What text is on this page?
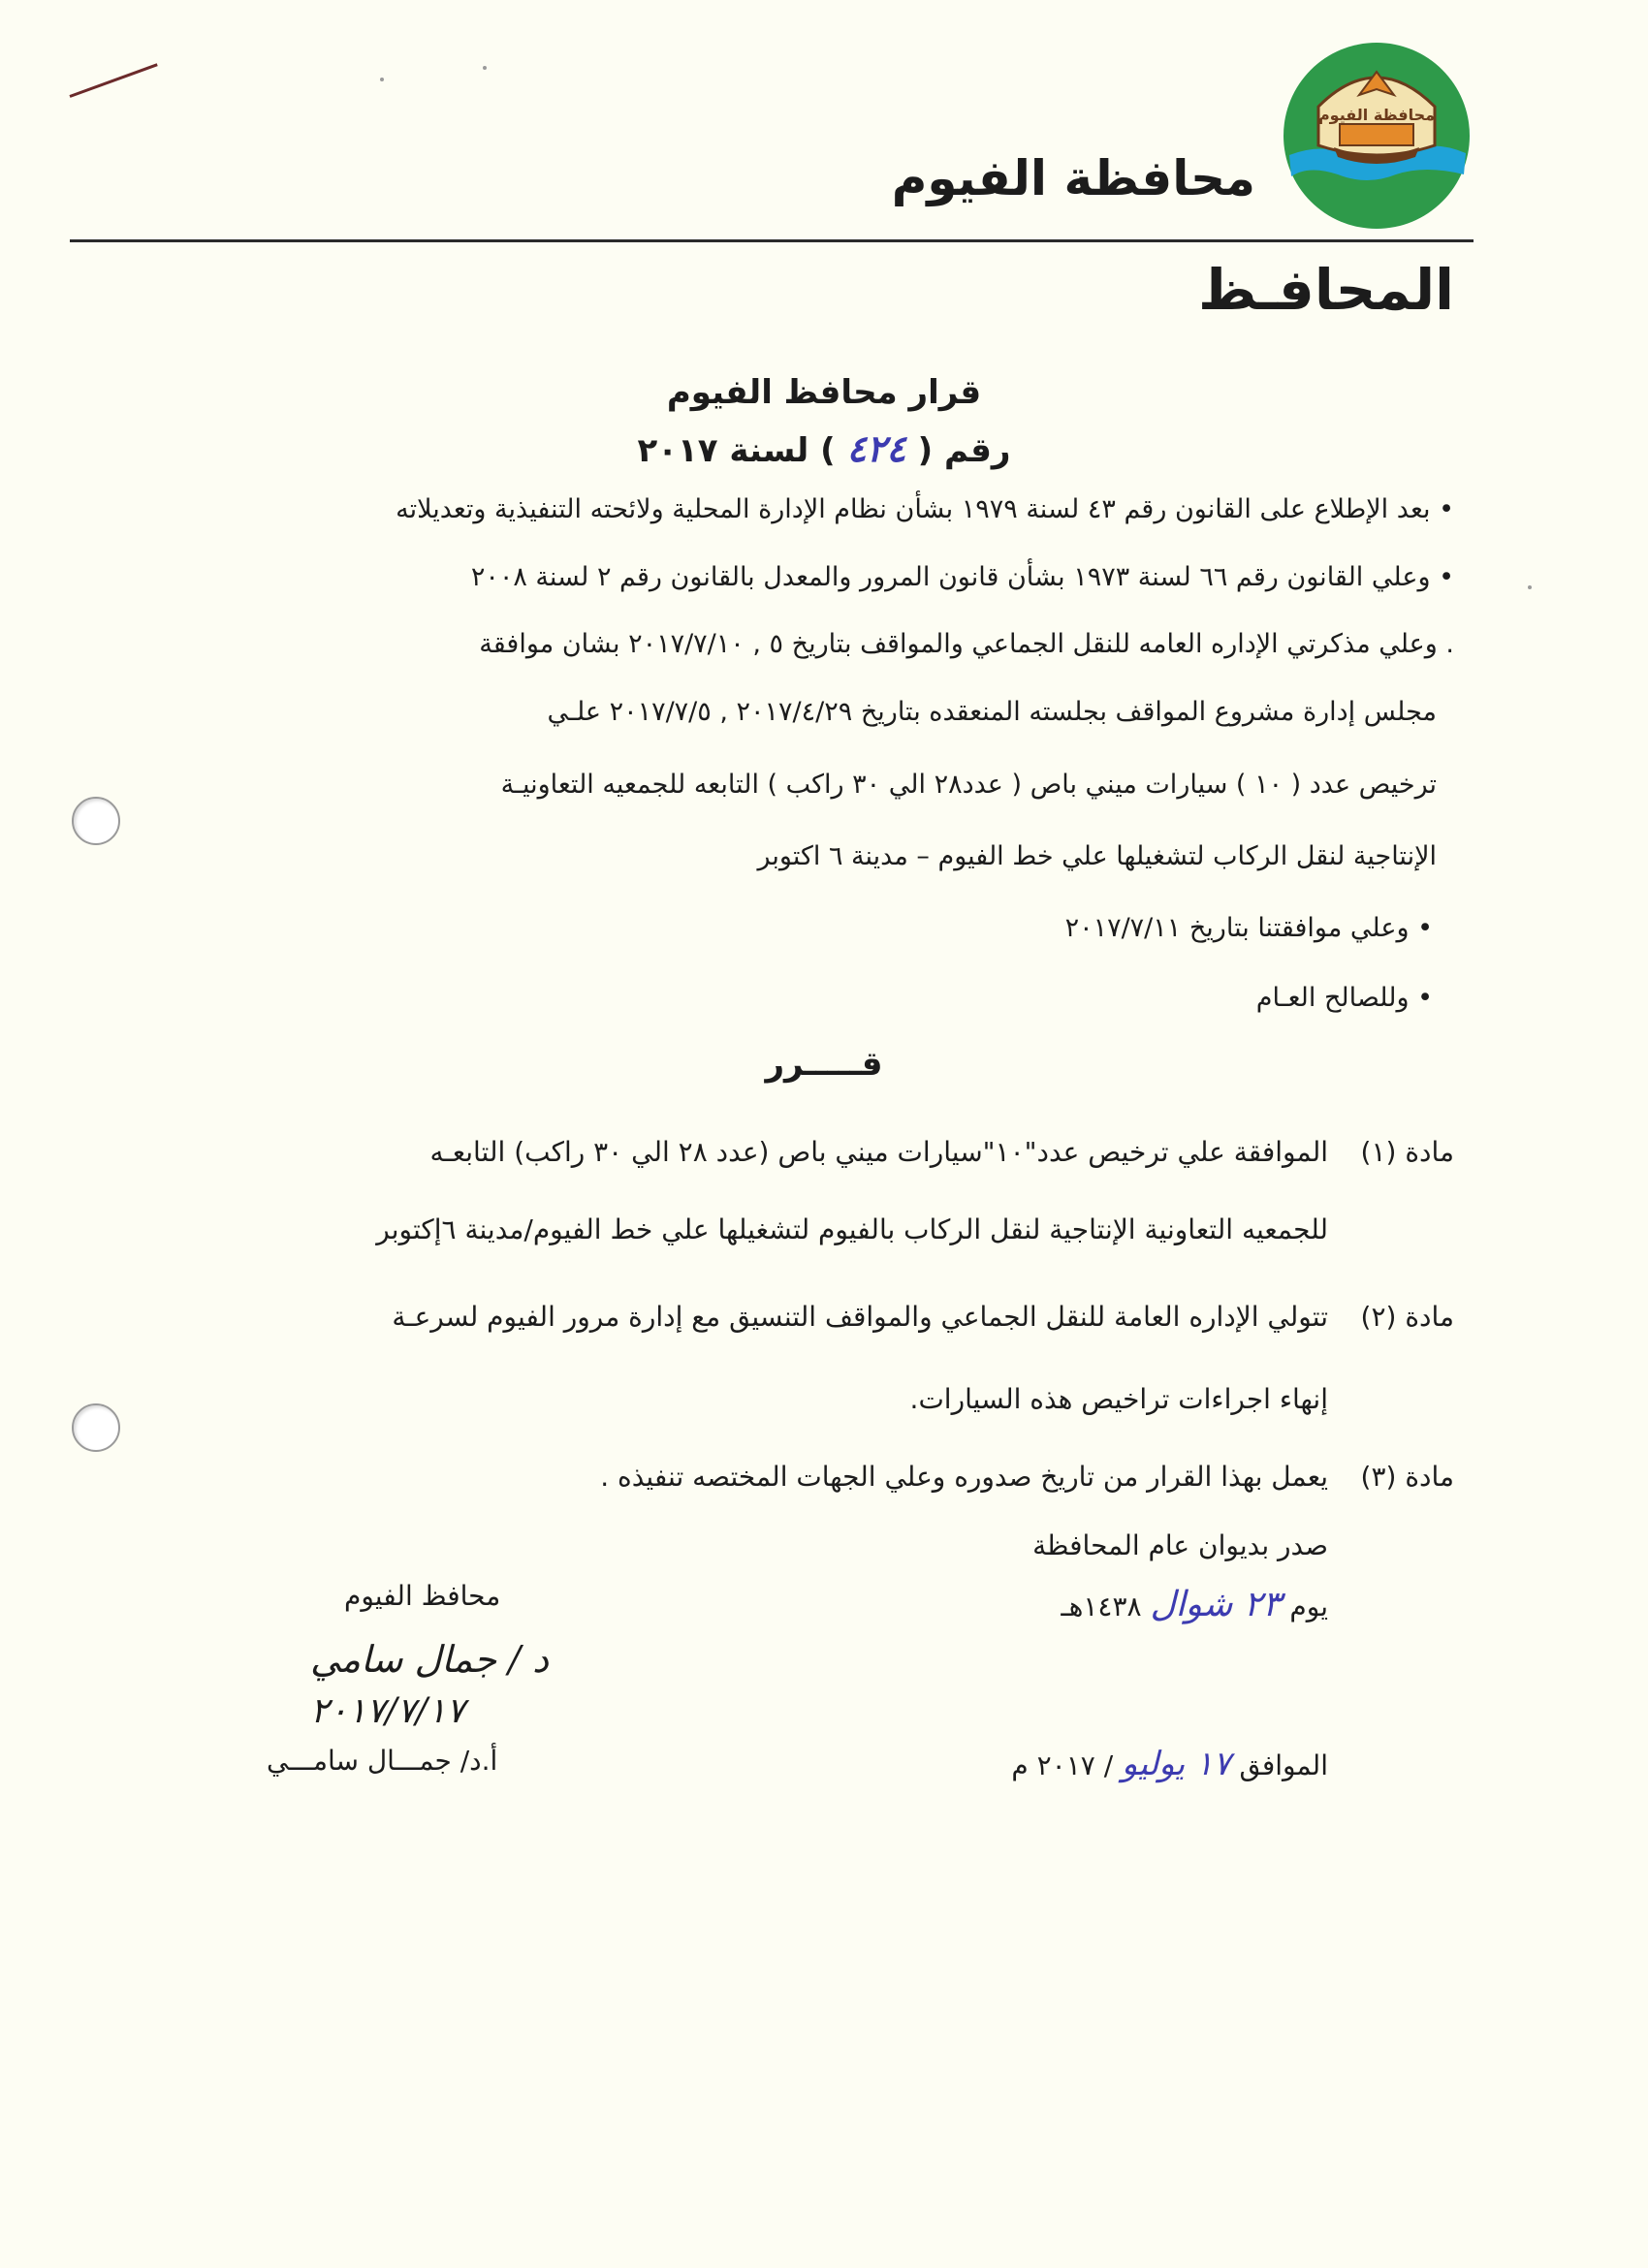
محافظة الفيوم
محافظة الفيوم
المحافـظ
قرار محافظ الفيوم
رقم ( ٤٢٤ ) لسنة ٢٠١٧
• بعد الإطلاع على القانون رقم ٤٣ لسنة ١٩٧٩ بشأن نظام الإدارة المحلية ولائحته التنفيذية وتعديلاته
• وعلي القانون رقم ٦٦ لسنة ١٩٧٣ بشأن قانون المرور والمعدل بالقانون رقم ٢ لسنة ٢٠٠٨
. وعلي مذكرتي الإداره العامه للنقل الجماعي والمواقف بتاريخ ٥ , ٢٠١٧/٧/١٠ بشان موافقة
مجلس إدارة مشروع المواقف بجلسته المنعقده بتاريخ ٢٠١٧/٤/٢٩ , ٢٠١٧/٧/٥ علـي
ترخيص عدد ( ١٠ ) سيارات ميني باص ( عدد٢٨ الي ٣٠ راكب ) التابعه للجمعيه التعاونيـة
الإنتاجية لنقل الركاب لتشغيلها علي خط الفيوم – مدينة ٦ اكتوبر
• وعلي موافقتنا بتاريخ ٢٠١٧/٧/١١
• وللصالح العـام
قـــــرر
مادة (١)
الموافقة علي ترخيص عدد"١٠"سيارات ميني باص (عدد ٢٨ الي ٣٠ راكب) التابعـه
للجمعيه التعاونية الإنتاجية لنقل الركاب بالفيوم لتشغيلها علي خط الفيوم/مدينة ٦إكتوبر
مادة (٢)
تتولي الإداره العامة للنقل الجماعي والمواقف التنسيق مع إدارة مرور الفيوم لسرعـة
إنهاء اجراءات تراخيص هذه السيارات.
مادة (٣)
يعمل بهذا القرار من تاريخ صدوره وعلي الجهات المختصه تنفيذه .
صدر بديوان عام المحافظة
يوم ٢٣ شوال ١٤٣٨هـ
الموافق ١٧ يوليو / ٢٠١٧ م
محافظ الفيوم
د / جمال سامي
٢٠١٧/٧/١٧
أ.د/ جمـــال سامـــي
